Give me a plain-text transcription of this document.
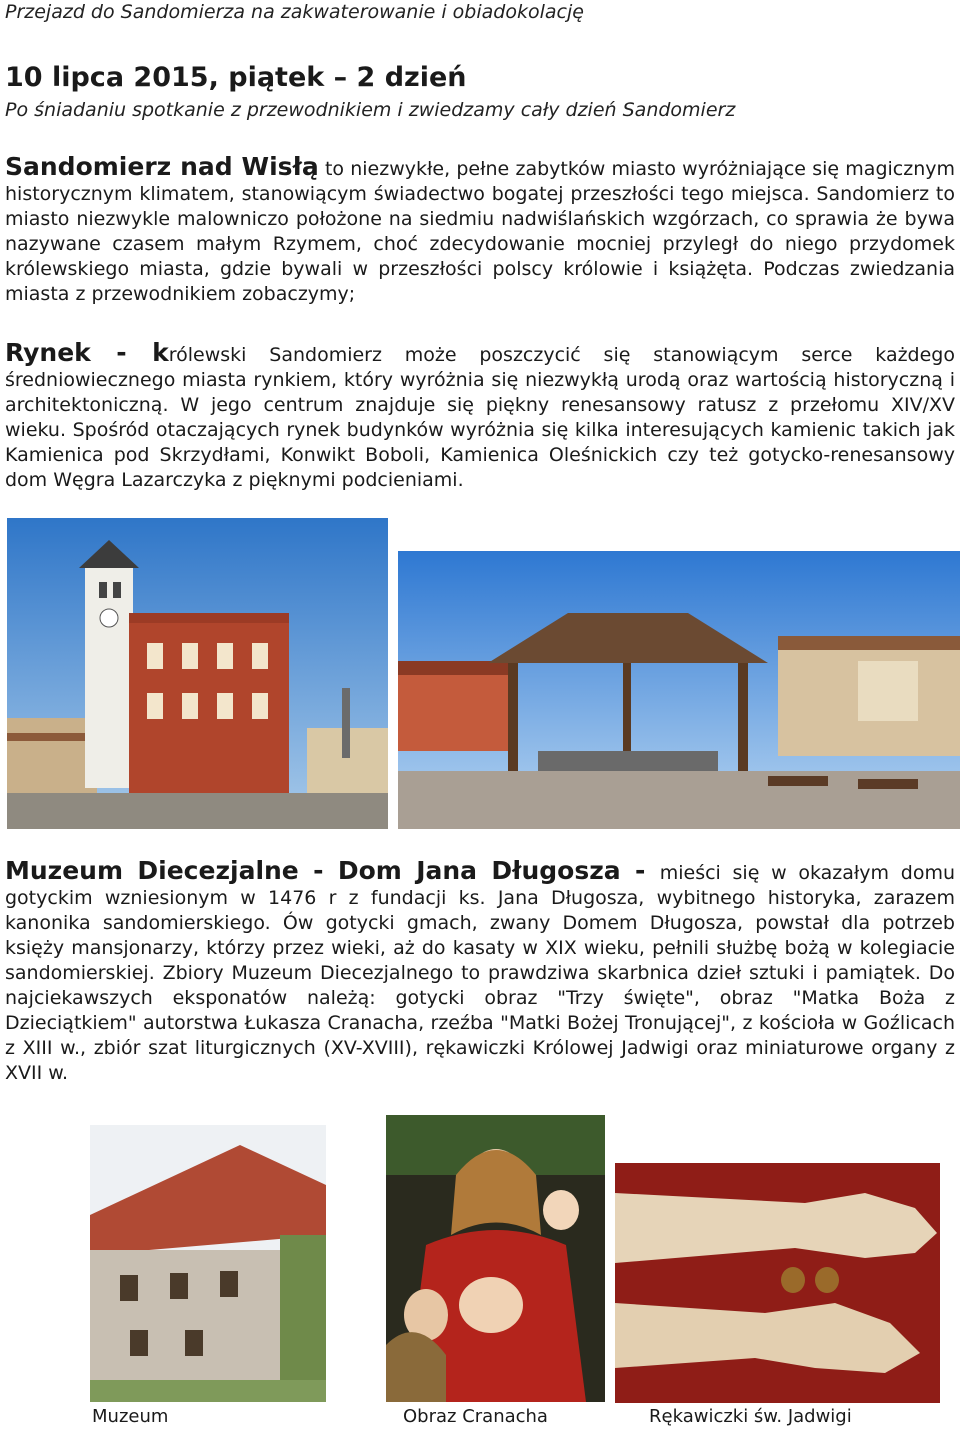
Przejazd do Sandomierza na zakwaterowanie i obiadokolację
10 lipca 2015, piątek – 2 dzień
Po śniadaniu spotkanie z przewodnikiem i zwiedzamy cały dzień Sandomierz
Sandomierz nad Wisłą to niezwykłe, pełne zabytków miasto wyróżniające się magicznym historycznym klimatem, stanowiącym świadectwo bogatej przeszłości tego miejsca. Sandomierz to miasto niezwykle malowniczo położone na siedmiu nadwiślańskich wzgórzach, co sprawia że bywa nazywane czasem małym Rzymem, choć zdecydowanie mocniej przyległ do niego przydomek królewskiego miasta, gdzie bywali w przeszłości polscy królowie i książęta. Podczas zwiedzania miasta z przewodnikiem zobaczymy;
Rynek - królewski Sandomierz może poszczycić się stanowiącym serce każdego średniowiecznego miasta rynkiem, który wyróżnia się niezwykłą urodą oraz wartością historyczną i architektoniczną. W jego centrum znajduje się piękny renesansowy ratusz z przełomu XIV/XV wieku. Spośród otaczających rynek budynków wyróżnia się kilka interesujących kamienic takich jak Kamienica pod Skrzydłami, Konwikt Boboli, Kamienica Oleśnickich czy też gotycko-renesansowy dom Węgra Lazarczyka z pięknymi podcieniami.
Muzeum Diecezjalne - Dom Jana Długosza - mieści się w okazałym domu gotyckim wzniesionym w 1476 r z fundacji ks. Jana Długosza, wybitnego historyka, zarazem kanonika sandomierskiego. Ów gotycki gmach, zwany Domem Długosza, powstał dla potrzeb księży mansjonarzy, którzy przez wieki, aż do kasaty w XIX wieku, pełnili służbę bożą w kolegiacie sandomierskiej. Zbiory Muzeum Diecezjalnego to prawdziwa skarbnica dzieł sztuki i pamiątek. Do najciekawszych eksponatów należą: gotycki obraz "Trzy święte", obraz "Matka Boża z Dzieciątkiem" autorstwa Łukasza Cranacha, rzeźba "Matki Bożej Tronującej", z kościoła w Goźlicach z XIII w., zbiór szat liturgicznych (XV-XVIII), rękawiczki Królowej Jadwigi oraz miniaturowe organy z XVII w.
Muzeum	Obraz Cranacha	Rękawiczki św. Jadwigi
